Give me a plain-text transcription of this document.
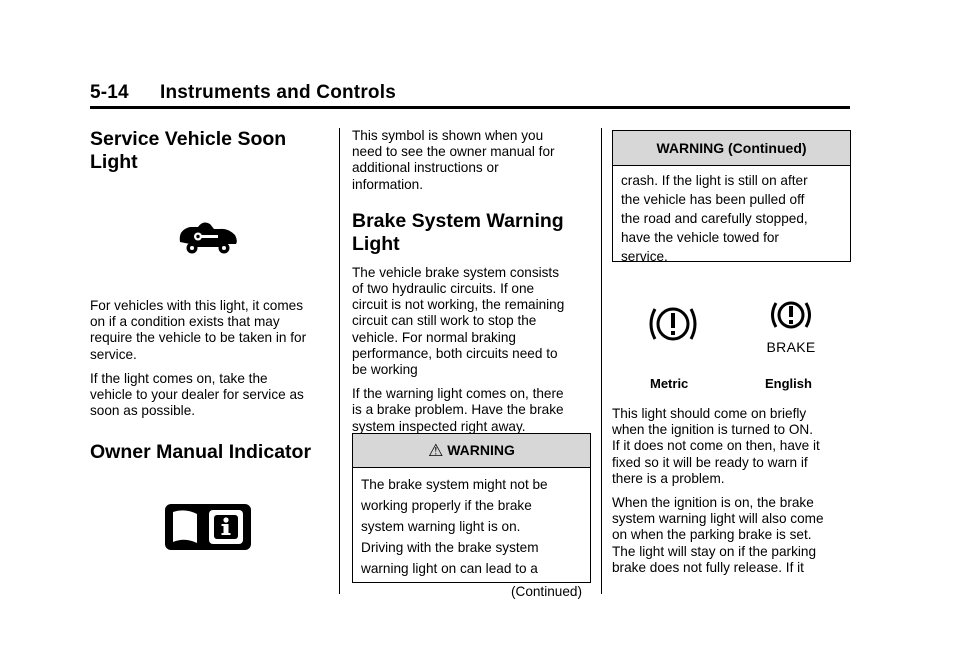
5-14 Instruments and Controls
Service Vehicle Soon
Light

For vehicles with this light, it comes
on if a condition exists that may
require the vehicle to be taken in for
service.

If the light comes on, take the
vehicle to your dealer for service as
soon as possible.

Owner Manual Indicator

This symbol is shown when you
need to see the owner manual for
additional instructions or
information.

Brake System Warning
Light

The vehicle brake system consists
of two hydraulic circuits. If one
circuit is not working, the remaining
circuit can still work to stop the
vehicle. For normal braking
performance, both circuits need to
be working

If the warning light comes on, there
is a brake problem. Have the brake
system inspected right away.

⚠ WARNING

The brake system might not be
working properly if the brake
system warning light is on.
Driving with the brake system
warning light on can lead to a

(Continued)

WARNING (Continued)

crash. If the light is still on after
the vehicle has been pulled off
the road and carefully stopped,
have the vehicle towed for
service.

BRAKE
Metric	English

This light should come on briefly
when the ignition is turned to ON.
If it does not come on then, have it
fixed so it will be ready to warn if
there is a problem.

When the ignition is on, the brake
system warning light will also come
on when the parking brake is set.
The light will stay on if the parking
brake does not fully release. If it
